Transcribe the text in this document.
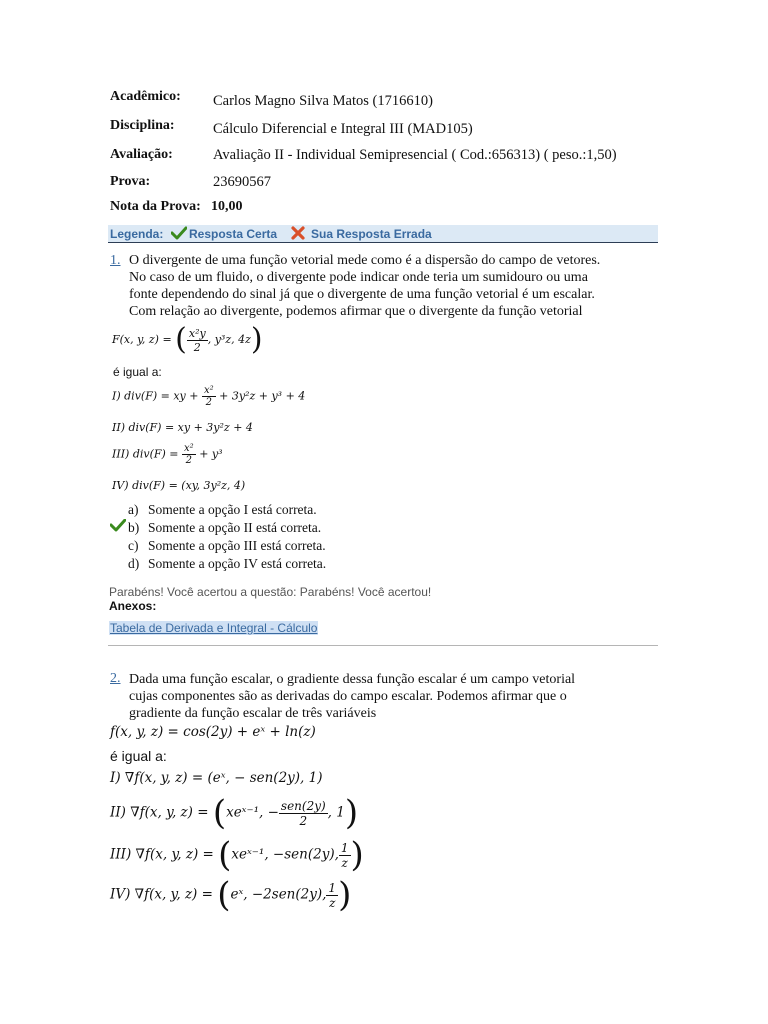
Acadêmico: Carlos Magno Silva Matos (1716610)
Disciplina:	Cálculo Diferencial e Integral III (MAD105)
Avaliação:	Avaliação II - Individual Semipresencial ( Cod.:656313) ( peso.:1,50)
Prova:	23690567
Nota da Prova: 10,00
Legenda: Resposta Certa	Sua Resposta Errada
1. O divergente de uma função vetorial mede como é a dispersão do campo de vetores.
No caso de um fluido, o divergente pode indicar onde teria um sumidouro ou uma
fonte dependendo do sinal já que o divergente de uma função vetorial é um escalar.
Com relação ao divergente, podemos afirmar que o divergente da função vetorial
F(x, y, z) = ( $\frac{\text{x²y}}{2}$ , y³z, 4z)
é igual a:
I) div(F) = xy + $\frac{\text{x²}}{2} + 3y^2z + y^3 + 4$
II) div(F) = xy + 3y²z + 4
III) $div(F) = \frac{\text{x²}}{2} + y^3$
IV) div(F) = (xy, 3y²z, 4)
a) Somente a opção I está correta.
b) Somente a opção II está correta.
c) Somente a opção III está correta.
d) Somente a opção IV está correta.
Parabéns! Você acertou a questão: Parabéns! Você acertou!
Anexos:
Tabela de Derivada e Integral - Cálculo
2. Dada uma função escalar, o gradiente dessa função escalar é um campo vetorial
cujas componentes são as derivadas do campo escalar. Podemos afirmar que o
gradiente da função escalar de três variáveis
f(x, y, z) = cos(2y) + eˣ + ln(z)
é igual a:
I) ∇f(x, y, z) = (eˣ, − sen(2y), 1)
II) ∇f(x, y, z) = (xeˣ⁻¹, − $\frac{\text{sen(2y)}}{2}$ , 1)
III) ∇f(x, y, z) = (xeˣ⁻¹, −sen(2y), $\frac{1}{z}$ )
IV) ∇f(x, y, z) = (eˣ, −2sen(2y), $\frac{1}{z}$ )
